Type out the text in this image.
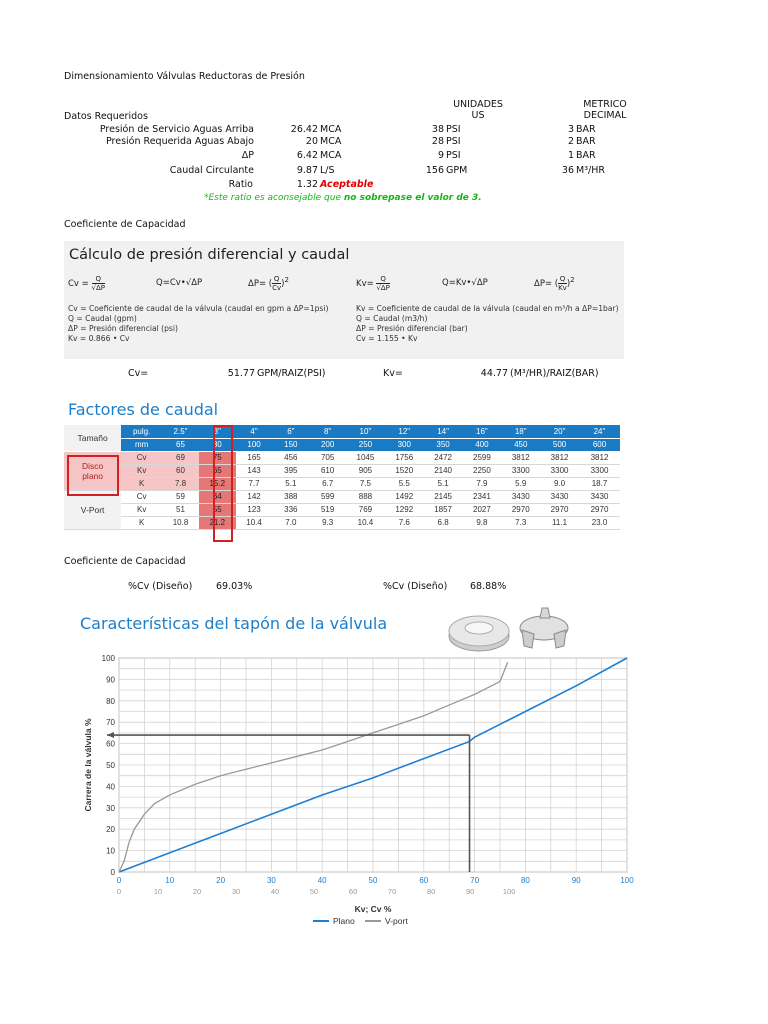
Dimensionamiento Válvulas Reductoras de Presión
UNIDADES
US
METRICO
DECIMAL
Datos Requeridos
Presión de Servicio Aguas Arriba	26.42 MCA	38 PSI	3 BAR
Presión Requerida Aguas Abajo	20 MCA	28 PSI	2 BAR
ΔP	6.42 MCA	9 PSI	1 BAR
Caudal Circulante	9.87 L/S	156 GPM	36 M³/HR
Ratio	1.32 Aceptable
*Este ratio es aconsejable que no sobrepase el valor de 3.
Coeficiente de Capacidad
Cálculo de presión diferencial y caudal
$Cv = \frac{Q}{√\Delta P}$	Q=Cv•√ΔP	ΔP= ( $\frac{Q}{Cv} )^2$	$Kv= \frac{Q}{√\Delta P}$	Q=Kv•√ΔP	ΔP= ( $\frac{Q}{Kv} )^2$
Cv = Coeficiente de caudal de la válvula (caudal en gpm a ΔP=1psi)
Q = Caudal (gpm)
ΔP = Presión diferencial (psi)
Kv = 0.866 • Cv
Kv = Coeficiente de caudal de la válvula (caudal en m³/h a ΔP=1bar)
Q = Caudal (m3/h)
ΔP = Presión diferencial (bar)
Cv = 1.155 • Kv
Cv=	51.77 GPM/RAIZ(PSI)	Kv=	44.77 (M³/HR)/RAIZ(BAR)
Factores de caudal
Tamaño	pulg.	2.5"	3"	4"	6"	8"	10"	12"	14"	16"	18"	20"	24"
	mm	65	80	100	150	200	250	300	350	400	450	500	600

Disco
plano	Cv	69	75	165	456	705	1045	1756	2472	2599	3812	3812	3812
	Kv	60	65	143	395	610	905	1520	2140	2250	3300	3300	3300
	K	7.8	15.2	7.7	5.1	6.7	7.5	5.5	5.1	7.9	5.9	9.0	18.7

V-Port	Cv	59	64	142	388	599	888	1492	2145	2341	3430	3430	3430
	Kv	51	55	123	336	519	769	1292	1857	2027	2970	2970	2970
	K	10.8	21.2	10.4	7.0	9.3	10.4	7.6	6.8	9.8	7.3	11.1	23.0
Coeficiente de Capacidad
%Cv (Diseño) 69.03%	%Cv (Diseño) 68.88%
Características del tapón de la válvula
0
10
20
30
40
50
60
70
80
90
100
0	10	20	30	40	50	60	70	80	90	100
0	10	20	30	40	50	60	70	80	90	100
Kv; Cv %
Carrera de la válvula %
Plano	V-port
